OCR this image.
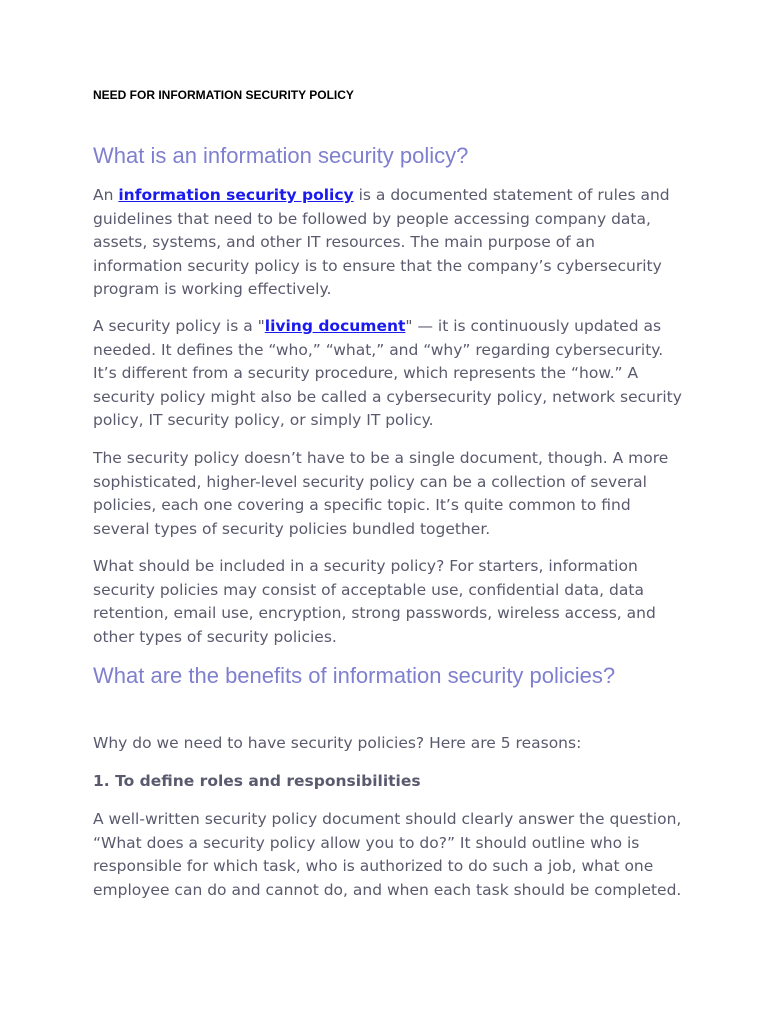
NEED FOR INFORMATION SECURITY POLICY
What is an information security policy?

An information security policy is a documented statement of rules and guidelines that need to be followed by people accessing company data, assets, systems, and other IT resources. The main purpose of an information security policy is to ensure that the company’s cybersecurity program is working effectively.

A security policy is a "living document" — it is continuously updated as needed. It defines the “who,” “what,” and “why” regarding cybersecurity. It’s different from a security procedure, which represents the “how.” A security policy might also be called a cybersecurity policy, network security policy, IT security policy, or simply IT policy.

The security policy doesn’t have to be a single document, though. A more sophisticated, higher-level security policy can be a collection of several policies, each one covering a specific topic. It’s quite common to find several types of security policies bundled together.

What should be included in a security policy? For starters, information security policies may consist of acceptable use, confidential data, data retention, email use, encryption, strong passwords, wireless access, and other types of security policies.

What are the benefits of information security policies?

Why do we need to have security policies? Here are 5 reasons:

1. To define roles and responsibilities

A well-written security policy document should clearly answer the question, “What does a security policy allow you to do?” It should outline who is responsible for which task, who is authorized to do such a job, what one employee can do and cannot do, and when each task should be completed.
